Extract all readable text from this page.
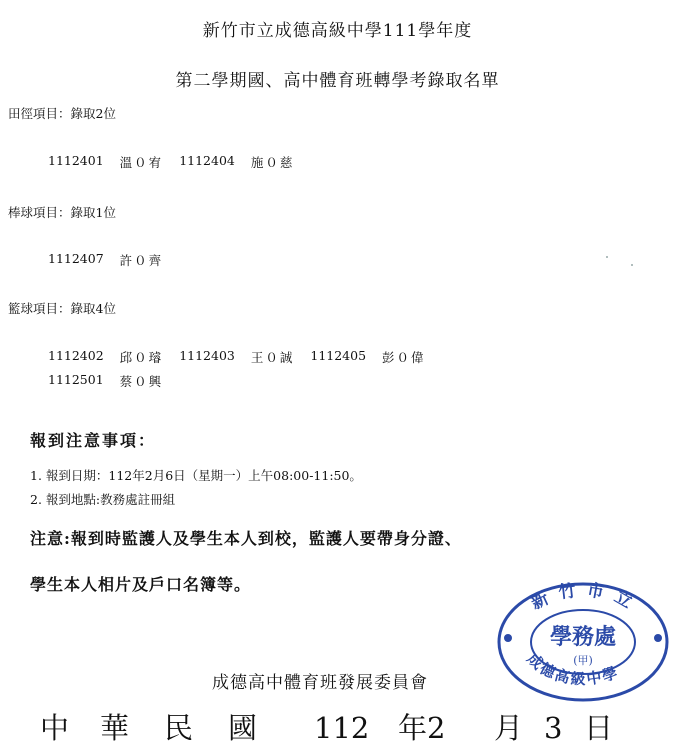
新竹市立成德高級中學111學年度
第二學期國、高中體育班轉學考錄取名單
田徑項目：錄取2位
1112401 溫０宥 1112404 施０慈
棒球項目：錄取1位
1112407 許０齊
籃球項目：錄取4位
1112402 邱０璿 1112403 王０誠 1112405 彭０偉
1112501 蔡０興
報到注意事項：
1. 報到日期：112年2月6日（星期一）上午08:00-11:50。
2. 報到地點:教務處註冊組
注意:報到時監護人及學生本人到校，監護人要帶身分證、
學生本人相片及戶口名簿等。	新竹市立
學務處
(甲)
成德高級中學
成德高中體育班發展委員會
中 華 民 國 112 年2 月 3 日
